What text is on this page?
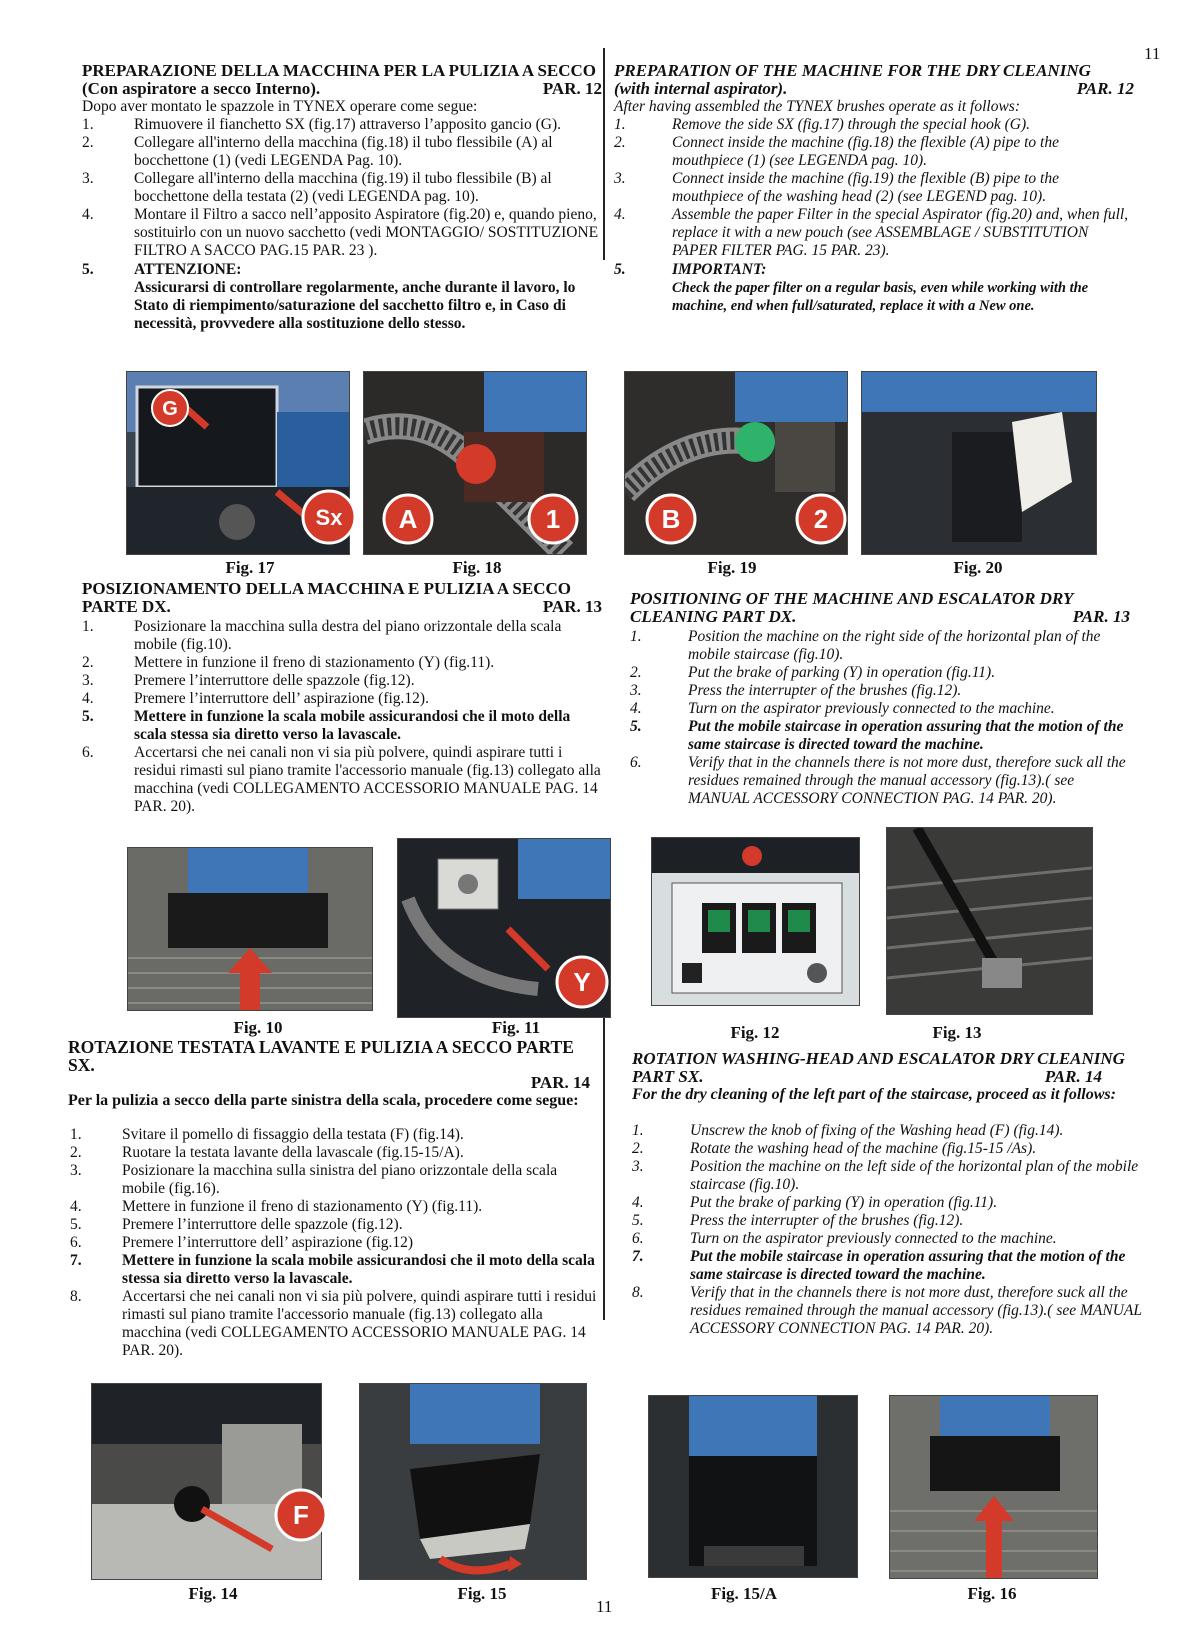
11
11
PREPARAZIONE DELLA MACCHINA PER LA PULIZIA A SECCO
(Con aspiratore a secco Interno).	PAR. 12
Dopo aver montato le spazzole in TYNEX operare come segue:
1.	Rimuovere il fianchetto SX (fig.17) attraverso l’apposito gancio (G).
2.	Collegare all'interno della macchina (fig.18) il tubo flessibile (A) al bocchettone (1) (vedi LEGENDA Pag. 10).
3.	Collegare all'interno della macchina (fig.19) il tubo flessibile (B) al bocchettone della testata (2) (vedi LEGENDA pag. 10).
4.	Montare il Filtro a sacco nell’apposito Aspiratore (fig.20) e, quando pieno, sostituirlo con un nuovo sacchetto (vedi MONTAGGIO/ SOSTITUZIONE FILTRO A SACCO PAG.15 PAR. 23 ).
5.	ATTENZIONE:
Assicurarsi di controllare regolarmente, anche durante il lavoro, lo Stato di riempimento/saturazione del sacchetto filtro e, in Caso di necessità, provvedere alla sostituzione dello stesso.
PREPARATION OF THE MACHINE FOR THE DRY CLEANING
(with internal aspirator).	PAR. 12
After having assembled the TYNEX brushes operate as it follows:
1.	Remove the side SX (fig.17) through the special hook (G).
2.	Connect inside the machine (fig.18) the flexible (A) pipe to the mouthpiece (1) (see LEGENDA pag. 10).
3.	Connect inside the machine (fig.19) the flexible (B) pipe to the mouthpiece of the washing head (2) (see LEGEND pag. 10).
4.	Assemble the paper Filter in the special Aspirator (fig.20) and, when full, replace it with a new pouch (see ASSEMBLAGE / SUBSTITUTION PAPER FILTER PAG. 15 PAR. 23).
5.	IMPORTANT:
Check the paper filter on a regular basis, even while working with the machine, end when full/saturated, replace it with a New one.
G
Sx A	1	B	2
Fig. 17	Fig. 18	Fig. 19	Fig. 20
POSIZIONAMENTO DELLA MACCHINA E PULIZIA A SECCO
PARTE DX.	PAR. 13
1.	Posizionare la macchina sulla destra del piano orizzontale della scala mobile (fig.10).
2.	Mettere in funzione il freno di stazionamento (Y) (fig.11).
3.	Premere l’interruttore delle spazzole (fig.12).
4.	Premere l’interruttore dell’ aspirazione (fig.12).
5.	Mettere in funzione la scala mobile assicurandosi che il moto della scala stessa sia diretto verso la lavascale.
6.	Accertarsi che nei canali non vi sia più polvere, quindi aspirare tutti i residui rimasti sul piano tramite l'accessorio manuale (fig.13) collegato alla macchina (vedi COLLEGAMENTO ACCESSORIO MANUALE PAG. 14 PAR. 20).
POSITIONING OF THE MACHINE AND ESCALATOR DRY
CLEANING PART DX.	PAR. 13
1.	Position the machine on the right side of the horizontal plan of the mobile staircase (fig.10).
2.	Put the brake of parking (Y) in operation (fig.11).
3.	Press the interrupter of the brushes (fig.12).
4.	Turn on the aspirator previously connected to the machine.
5.	Put the mobile staircase in operation assuring that the motion of the same staircase is directed toward the machine.
6.	Verify that in the channels there is not more dust, therefore suck all the residues remained through the manual accessory (fig.13).( see MANUAL ACCESSORY CONNECTION PAG. 14 PAR. 20).
Y
Fig. 10	Fig. 11	Fig. 12	Fig. 13
ROTAZIONE TESTATA LAVANTE E PULIZIA A SECCO PARTE SX.
PAR. 14
Per la pulizia a secco della parte sinistra della scala, procedere come segue:
1.	Svitare il pomello di fissaggio della testata (F) (fig.14).
2.	Ruotare la testata lavante della lavascale (fig.15-15/A).
3.	Posizionare la macchina sulla sinistra del piano orizzontale della scala mobile (fig.16).
4.	Mettere in funzione il freno di stazionamento (Y) (fig.11).
5.	Premere l’interruttore delle spazzole (fig.12).
6.	Premere l’interruttore dell’ aspirazione (fig.12)
7.	Mettere in funzione la scala mobile assicurandosi che il moto della scala stessa sia diretto verso la lavascale.
8.	Accertarsi che nei canali non vi sia più polvere, quindi aspirare tutti i residui rimasti sul piano tramite l'accessorio manuale (fig.13) collegato alla macchina (vedi COLLEGAMENTO ACCESSORIO MANUALE PAG. 14 PAR. 20).
ROTATION WASHING-HEAD AND ESCALATOR DRY CLEANING
PART SX.	PAR. 14
For the dry cleaning of the left part of the staircase, proceed as it follows:
1.	Unscrew the knob of fixing of the Washing head (F) (fig.14).
2.	Rotate the washing head of the machine (fig.15-15 /As).
3.	Position the machine on the left side of the horizontal plan of the mobile staircase (fig.10).
4.	Put the brake of parking (Y) in operation (fig.11).
5.	Press the interrupter of the brushes (fig.12).
6.	Turn on the aspirator previously connected to the machine.
7.	Put the mobile staircase in operation assuring that the motion of the same staircase is directed toward the machine.
8.	Verify that in the channels there is not more dust, therefore suck all the residues remained through the manual accessory (fig.13).( see MANUAL ACCESSORY CONNECTION PAG. 14 PAR. 20).
F
Fig. 14	Fig. 15	Fig. 15/A	Fig. 16
